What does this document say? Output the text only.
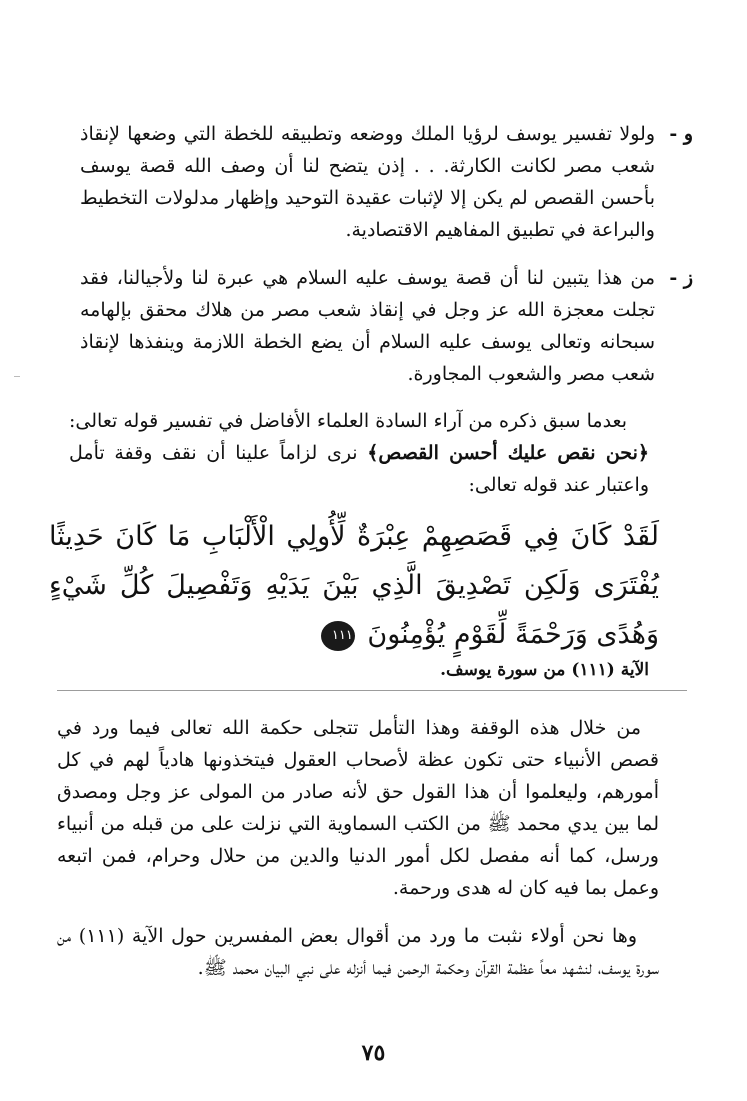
و -
ولولا تفسير يوسف لرؤيا الملك ووضعه وتطبيقه للخطة التي وضعها لإنقاذ شعب مصر لكانت الكارثة. . . إذن يتضح لنا أن وصف الله قصة يوسف بأحسن القصص لم يكن إلا لإثبات عقيدة التوحيد وإظهار مدلولات التخطيط والبراعة في تطبيق المفاهيم الاقتصادية.
ز -
من هذا يتبين لنا أن قصة يوسف عليه السلام هي عبرة لنا ولأجيالنا، فقد تجلت معجزة الله عز وجل في إنقاذ شعب مصر من هلاك محقق بإلهامه سبحانه وتعالى يوسف عليه السلام أن يضع الخطة اللازمة وينفذها لإنقاذ شعب مصر والشعوب المجاورة.
بعدما سبق ذكره من آراء السادة العلماء الأفاضل في تفسير قوله تعالى: ﴿نحن نقص عليك أحسن القصص﴾ نرى لزاماً علينا أن نقف وقفة تأمل واعتبار عند قوله تعالى:
لَقَدْ كَانَ فِي قَصَصِهِمْ عِبْرَةٌ لِّأُولِي الْأَلْبَابِ مَا كَانَ حَدِيثًا يُفْتَرَى وَلَكِن تَصْدِيقَ الَّذِي بَيْنَ يَدَيْهِ وَتَفْصِيلَ كُلِّ شَيْءٍ وَهُدًى وَرَحْمَةً لِّقَوْمٍ يُؤْمِنُونَ ١١١
الآية (١١١) من سورة يوسف.
من خلال هذه الوقفة وهذا التأمل تتجلى حكمة الله تعالى فيما ورد في قصص الأنبياء حتى تكون عظة لأصحاب العقول فيتخذونها هادياً لهم في كل أمورهم، وليعلموا أن هذا القول حق لأنه صادر من المولى عز وجل ومصدق لما بين يدي محمد ﷺ من الكتب السماوية التي نزلت على من قبله من أنبياء ورسل، كما أنه مفصل لكل أمور الدنيا والدين من حلال وحرام، فمن اتبعه وعمل بما فيه كان له هدى ورحمة.
وها نحن أولاء نثبت ما ورد من أقوال بعض المفسرين حول الآية (١١١) من سورة يوسف، لنشهد معاً عظمة القرآن وحكمة الرحمن فيما أنزله على نبي البيان محمد ﷺ.
٧٥
